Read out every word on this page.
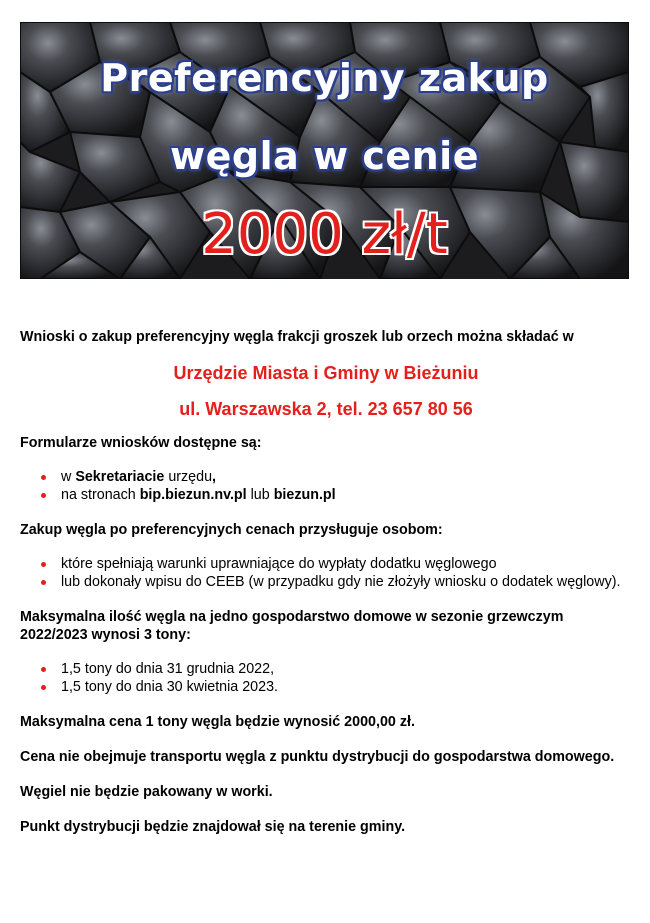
Preferencyjny zakup
węgla w cenie
2000 zł/t

Wnioski o zakup preferencyjny węgla frakcji groszek lub orzech można składać w

Urzędzie Miasta i Gminy w Bieżuniu

ul. Warszawska 2, tel. 23 657 80 56

Formularze wniosków dostępne są:

w Sekretariacie urzędu,
na stronach bip.biezun.nv.pl lub biezun.pl

Zakup węgla po preferencyjnych cenach przysługuje osobom:

które spełniają warunki uprawniające do wypłaty dodatku węglowego
lub dokonały wpisu do CEEB (w przypadku gdy nie złożyły wniosku o dodatek węglowy).

Maksymalna ilość węgla na jedno gospodarstwo domowe w sezonie grzewczym 2022/2023 wynosi 3 tony:

1,5 tony do dnia 31 grudnia 2022,
1,5 tony do dnia 30 kwietnia 2023.

Maksymalna cena 1 tony węgla będzie wynosić 2000,00 zł.

Cena nie obejmuje transportu węgla z punktu dystrybucji do gospodarstwa domowego.

Węgiel nie będzie pakowany w worki.

Punkt dystrybucji będzie znajdował się na terenie gminy.
